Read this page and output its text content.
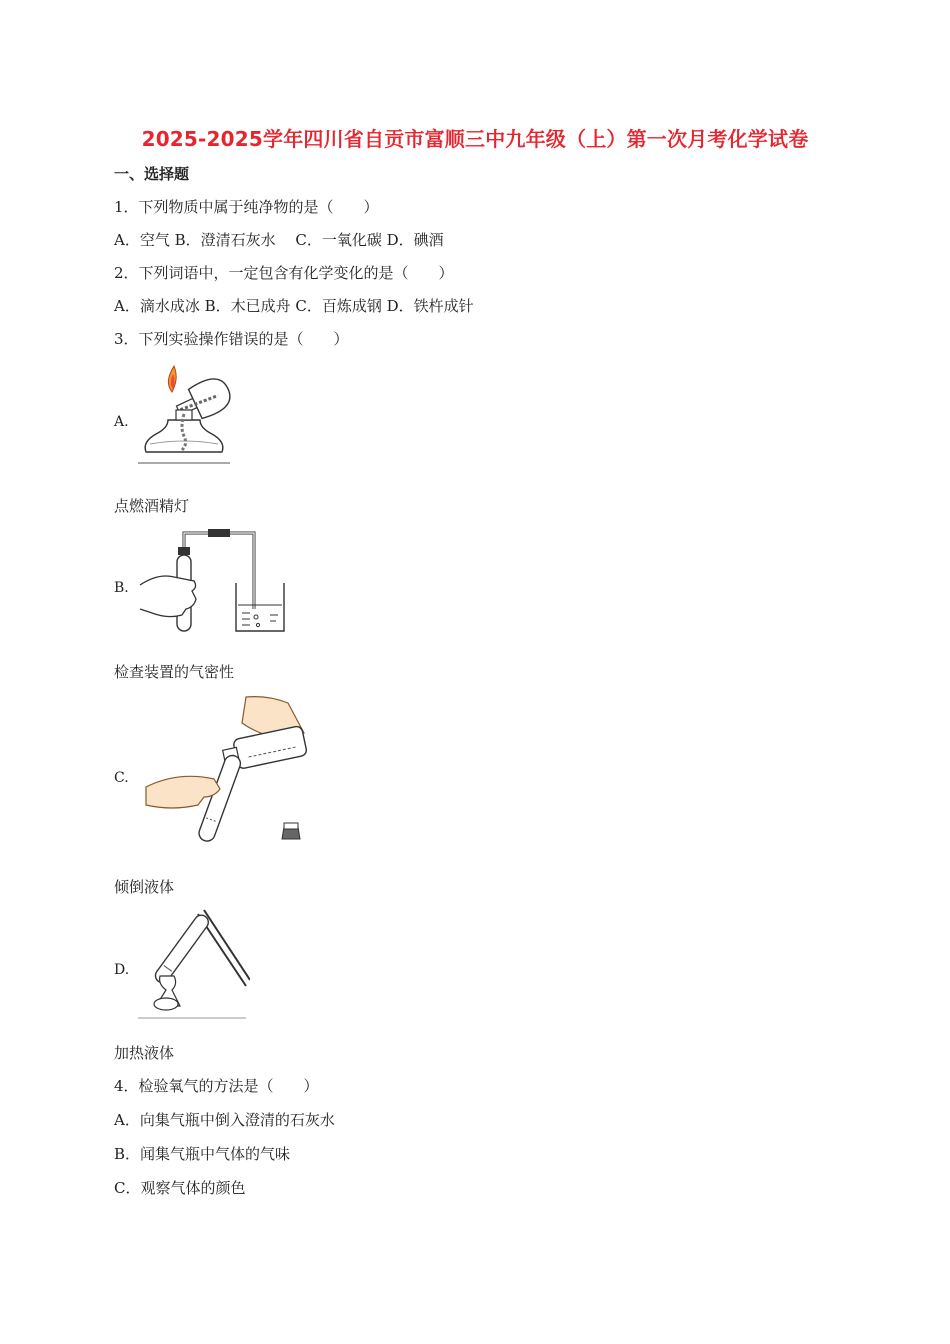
2025-2025学年四川省自贡市富顺三中九年级（上）第一次月考化学试卷
一、选择题
1．下列物质中属于纯净物的是（　　）
A．空气 B．澄清石灰水 　C．一氧化碳 D．碘酒
2．下列词语中，一定包含有化学变化的是（　　）
A．滴水成冰 B．木已成舟 C．百炼成钢 D．铁杵成针
3．下列实验操作错误的是（　　）
A.
点燃酒精灯
B.
检查装置的气密性
C.
倾倒液体
D.
加热液体
4．检验氧气的方法是（　　）
A．向集气瓶中倒入澄清的石灰水
B．闻集气瓶中气体的气味
C．观察气体的颜色
